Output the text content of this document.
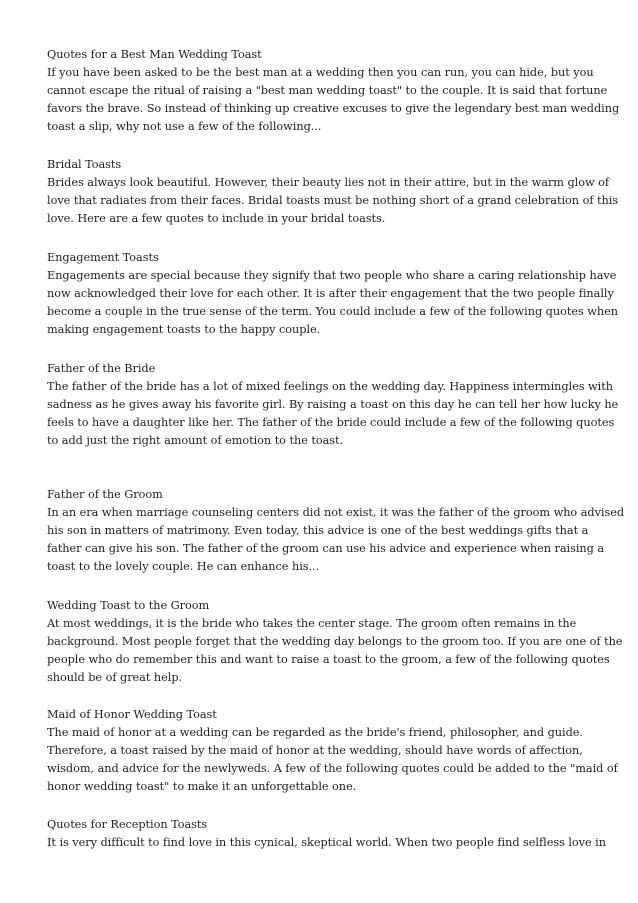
Quotes for a Best Man Wedding Toast
If you have been asked to be the best man at a wedding then you can run, you can hide, but you
cannot escape the ritual of raising a "best man wedding toast" to the couple. It is said that fortune
favors the brave. So instead of thinking up creative excuses to give the legendary best man wedding
toast a slip, why not use a few of the following...
Bridal Toasts
Brides always look beautiful. However, their beauty lies not in their attire, but in the warm glow of
love that radiates from their faces. Bridal toasts must be nothing short of a grand celebration of this
love. Here are a few quotes to include in your bridal toasts.
Engagement Toasts
Engagements are special because they signify that two people who share a caring relationship have
now acknowledged their love for each other. It is after their engagement that the two people finally
become a couple in the true sense of the term. You could include a few of the following quotes when
making engagement toasts to the happy couple.
Father of the Bride
The father of the bride has a lot of mixed feelings on the wedding day. Happiness intermingles with
sadness as he gives away his favorite girl. By raising a toast on this day he can tell her how lucky he
feels to have a daughter like her. The father of the bride could include a few of the following quotes
to add just the right amount of emotion to the toast.
Father of the Groom
In an era when marriage counseling centers did not exist, it was the father of the groom who advised
his son in matters of matrimony. Even today, this advice is one of the best weddings gifts that a
father can give his son. The father of the groom can use his advice and experience when raising a
toast to the lovely couple. He can enhance his...
Wedding Toast to the Groom
At most weddings, it is the bride who takes the center stage. The groom often remains in the
background. Most people forget that the wedding day belongs to the groom too. If you are one of the
people who do remember this and want to raise a toast to the groom, a few of the following quotes
should be of great help.
Maid of Honor Wedding Toast
The maid of honor at a wedding can be regarded as the bride's friend, philosopher, and guide.
Therefore, a toast raised by the maid of honor at the wedding, should have words of affection,
wisdom, and advice for the newlyweds. A few of the following quotes could be added to the "maid of
honor wedding toast" to make it an unforgettable one.
Quotes for Reception Toasts
It is very difficult to find love in this cynical, skeptical world. When two people find selfless love in
